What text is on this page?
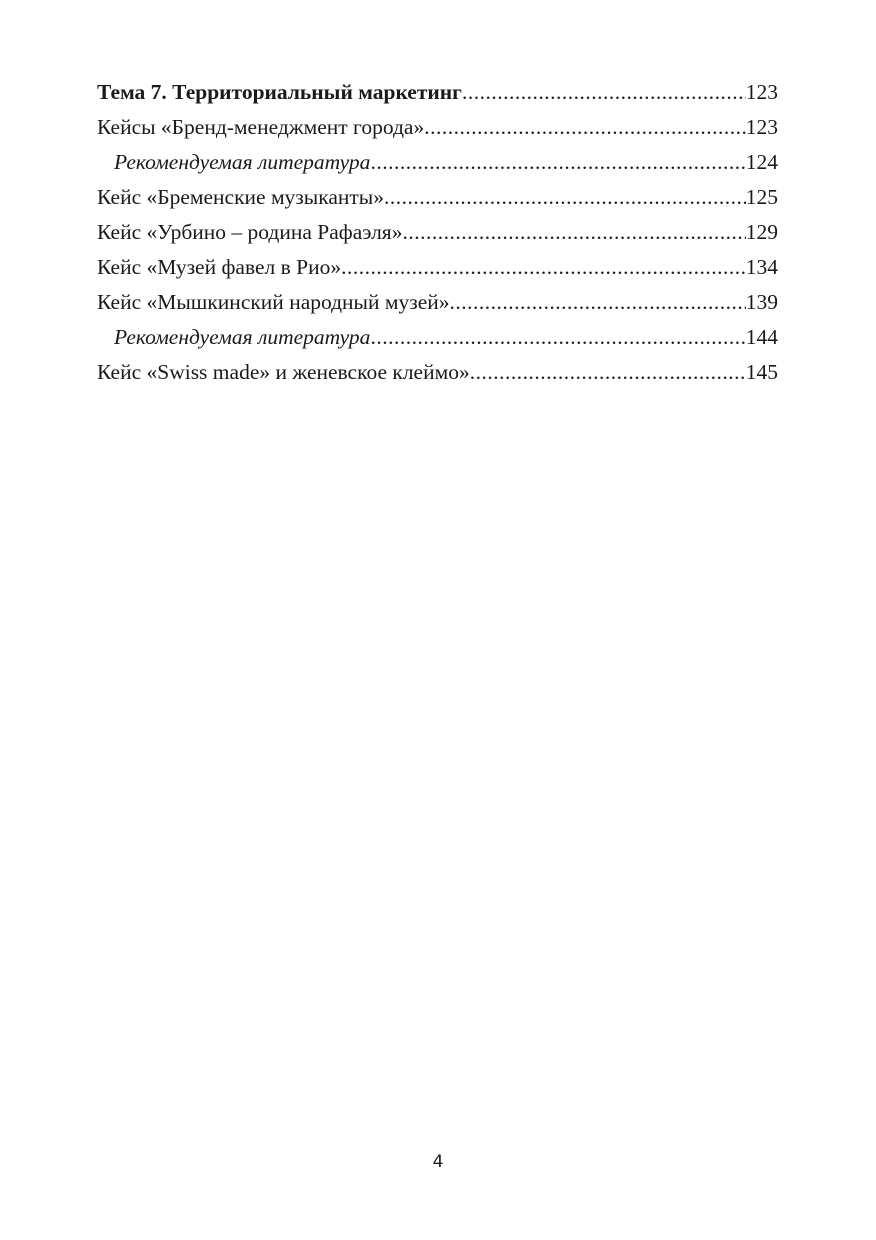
Тема 7. Территориальный маркетинг .....	123
Кейсы «Бренд-менеджмент города» .....	123
Рекомендуемая литература .....	124
Кейс «Бременские музыканты» .....	125
Кейс «Урбино – родина Рафаэля» .....	129
Кейс «Музей фавел в Рио» .....	134
Кейс «Мышкинский народный музей» .....	139
Рекомендуемая литература .....	144
Кейс «Swiss made» и женевское клеймо» .....	145
4
